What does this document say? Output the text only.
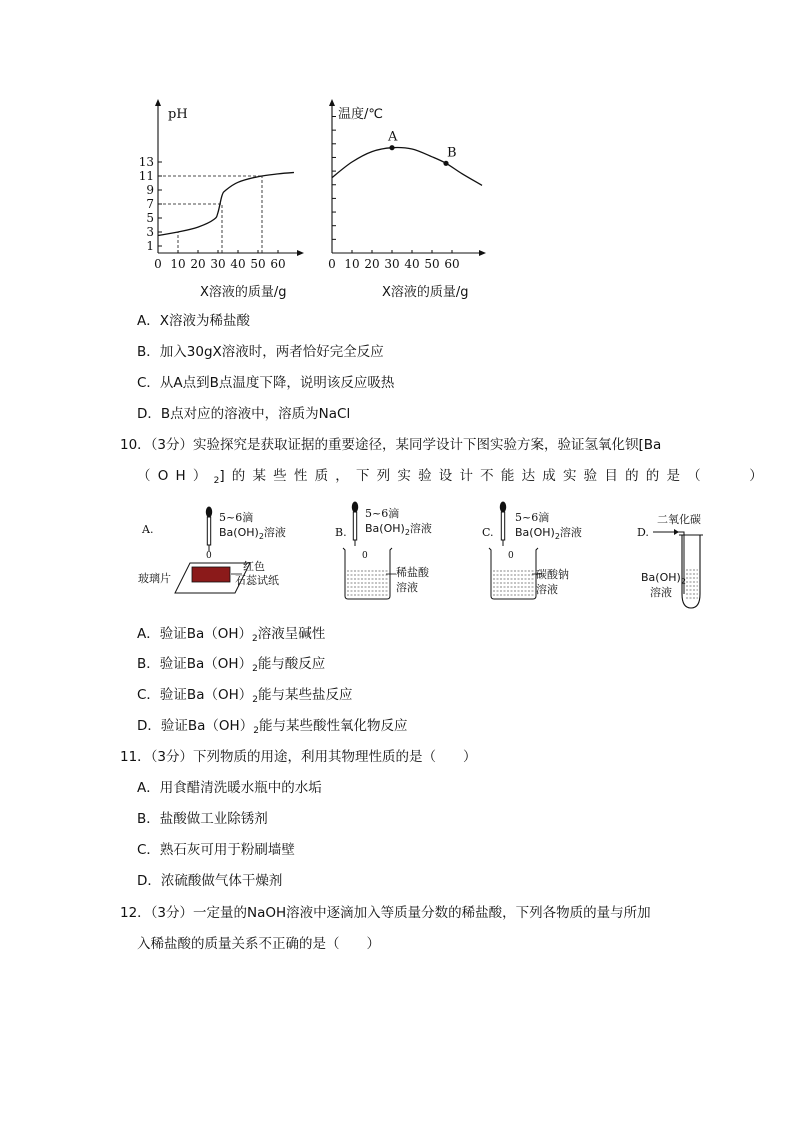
1
3
5
7
9
11
13
0 10 20 30 40 50 60
pH
X溶液的质量/g
0 10 20 30 40 50 60
A
B
温度/℃
X溶液的质量/g
A．X溶液为稀盐酸
B．加入30gX溶液时，两者恰好完全反应
C．从A点到B点温度下降，说明该反应吸热
D．B点对应的溶液中，溶质为NaCl
10．（3分）实验探究是获取证据的重要途径，某同学设计下图实验方案，验证氢氧化钡[Ba
$(OH)_2$]的某些性质，下列实验设计不能达成实验目的的是（　　）
A.
0
5~6滴
$Ba(OH)_2$溶液
玻璃片
红色
石蕊试纸
B.
5~6滴
$Ba(OH)_2$溶液
0
稀盐酸
溶液
C.
5~6滴
$Ba(OH)_2$溶液
0
碳酸钠
溶液
D.
二氧化碳
$Ba(OH)_2$
溶液
A．验证$Ba(OH)_2$溶液呈碱性
B．验证$Ba(OH)_2$能与酸反应
C．验证$Ba(OH)_2$能与某些盐反应
D．验证$Ba(OH)_2$能与某些酸性氧化物反应
11．（3分）下列物质的用途，利用其物理性质的是（　　）
A．用食醋清洗暖水瓶中的水垢
B．盐酸做工业除锈剂
C．熟石灰可用于粉刷墙壁
D．浓硫酸做气体干燥剂
12．（3分）一定量的NaOH溶液中逐滴加入等质量分数的稀盐酸，下列各物质的量与所加
入稀盐酸的质量关系不正确的是（　　）
